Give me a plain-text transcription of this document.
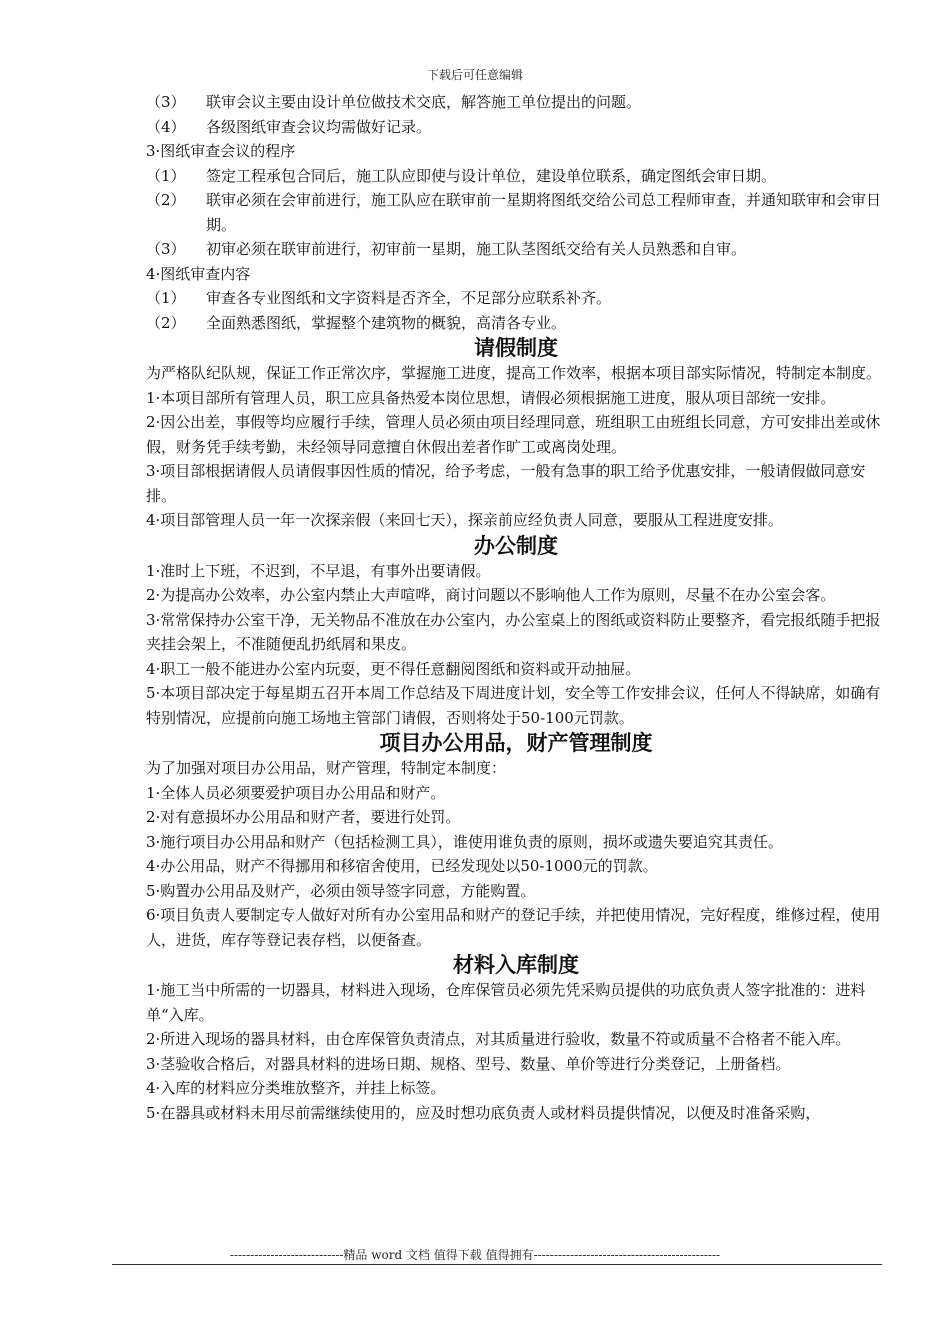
下载后可任意编辑
（3）	联审会议主要由设计单位做技术交底，解答施工单位提出的问题。
（4）	各级图纸审查会议均需做好记录。

3·图纸审查会议的程序

（1）	签定工程承包合同后，施工队应即使与设计单位，建设单位联系，确定图纸会审日期。
（2）	联审必须在会审前进行，施工队应在联审前一星期将图纸交给公司总工程师审查，并通知联审和会审日期。
（3）	初审必须在联审前进行，初审前一星期，施工队茎图纸交给有关人员熟悉和自审。

4·图纸审查内容

（1）	审查各专业图纸和文字资料是否齐全，不足部分应联系补齐。
（2）	全面熟悉图纸，掌握整个建筑物的概貌，高清各专业。

请假制度

为严格队纪队规，保证工作正常次序，掌握施工进度，提高工作效率，根据本项目部实际情况，特制定本制度。

1·本项目部所有管理人员，职工应具备热爱本岗位思想，请假必须根据施工进度，服从项目部统一安排。

2·因公出差，事假等均应履行手续，管理人员必须由项目经理同意，班组职工由班组长同意，方可安排出差或休假，财务凭手续考勤，未经领导同意擅自休假出差者作旷工或离岗处理。

3·项目部根据请假人员请假事因性质的情况，给予考虑，一般有急事的职工给予优惠安排，一般请假做同意安排。

4·项目部管理人员一年一次探亲假（来回七天），探亲前应经负责人同意，要服从工程进度安排。

办公制度

1·准时上下班，不迟到，不早退，有事外出要请假。

2·为提高办公效率，办公室内禁止大声喧哗，商讨问题以不影响他人工作为原则，尽量不在办公室会客。

3·常常保持办公室干净，无关物品不准放在办公室内，办公室桌上的图纸或资料防止要整齐，看完报纸随手把报夹挂会架上，不准随便乱扔纸屑和果皮。

4·职工一般不能进办公室内玩耍，更不得任意翻阅图纸和资料或开动抽屉。

5·本项目部决定于每星期五召开本周工作总结及下周进度计划，安全等工作安排会议，任何人不得缺席，如确有特别情况，应提前向施工场地主管部门请假，否则将处于50-100元罚款。

项目办公用品，财产管理制度

为了加强对项目办公用品，财产管理，特制定本制度：

1·全体人员必须要爱护项目办公用品和财产。

2·对有意损坏办公用品和财产者，要进行处罚。

3·施行项目办公用品和财产（包括检测工具），谁使用谁负责的原则，损坏或遗失要追究其责任。

4·办公用品，财产不得挪用和移宿舍使用，已经发现处以50-1000元的罚款。

5·购置办公用品及财产，必须由领导签字同意，方能购置。

6·项目负责人要制定专人做好对所有办公室用品和财产的登记手续，并把使用情况，完好程度，维修过程，使用人，进货，库存等登记表存档，以便备查。

材料入库制度

1·施工当中所需的一切器具，材料进入现场，仓库保管员必须先凭采购员提供的功底负责人签字批准的：进料单“入库。

2·所进入现场的器具材料，由仓库保管负责清点，对其质量进行验收，数量不符或质量不合格者不能入库。

3·茎验收合格后，对器具材料的进场日期、规格、型号、数量、单价等进行分类登记，上册备档。

4·入库的材料应分类堆放整齐，并挂上标签。

5·在器具或材料未用尽前需继续使用的，应及时想功底负责人或材料员提供情况，以便及时准备采购，

----------------------------精品 word 文档 值得下载 值得拥有----------------------------------------------
